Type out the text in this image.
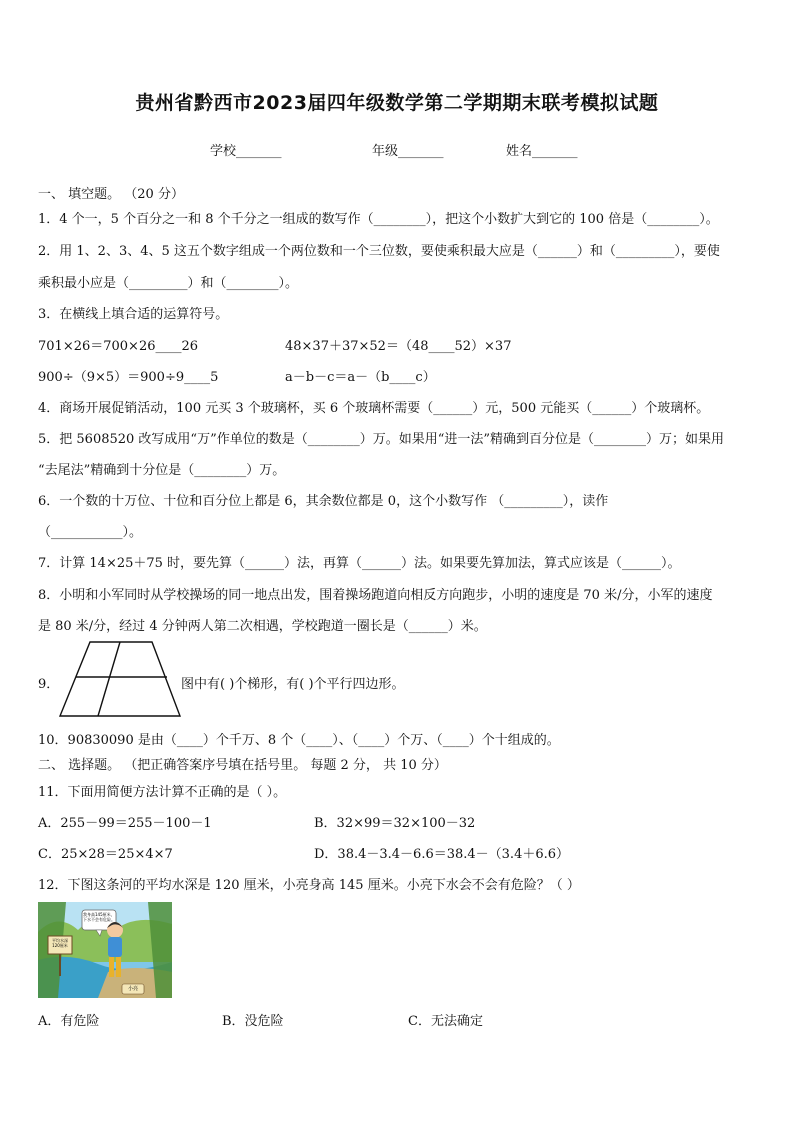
贵州省黔西市2023届四年级数学第二学期期末联考模拟试题
学校_______	年级_______	姓名_______
一、 填空题。 （20 分）
1．4 个一，5 个百分之一和 8 个千分之一组成的数写作（________），把这个小数扩大到它的 100 倍是（________）。
2．用 1、2、3、4、5 这五个数字组成一个两位数和一个三位数，要使乘积最大应是（______）和（_________），要使
乘积最小应是（_________）和（________）。
3．在横线上填合适的运算符号。
701×26＝700×26____26	48×37＋37×52＝（48____52）×37
900÷（9×5）＝900÷9____5	a－b－c＝a－（b____c）
4．商场开展促销活动，100 元买 3 个玻璃杯，买 6 个玻璃杯需要（______）元，500 元能买（______）个玻璃杯。
5．把 5608520 改写成用“万”作单位的数是（________）万。如果用“进一法”精确到百分位是（________）万；如果用
“去尾法”精确到十分位是（________）万。
6．一个数的十万位、十位和百分位上都是 6，其余数位都是 0，这个小数写作 （_________），读作
（___________）。
7．计算 14×25＋75 时，要先算（______）法，再算（______）法。如果要先算加法，算式应该是（______）。
8．小明和小军同时从学校操场的同一地点出发，围着操场跑道向相反方向跑步，小明的速度是 70 米/分，小军的速度
是 80 米/分，经过 4 分钟两人第二次相遇，学校跑道一圈长是（______）米。
9．	图中有( )个梯形，有( )个平行四边形。
10．90830090 是由（____）个千万、8 个（____）、（____）个万、（____）个十组成的。
二、 选择题。 （把正确答案序号填在括号里。 每题 2 分， 共 10 分）
11．下面用简便方法计算不正确的是（ ）。
A．255－99＝255－100－1	B．32×99＝32×100－32
C．25×28＝25×4×7	D．38.4－3.4－6.6＝38.4－（3.4＋6.6）
12．下图这条河的平均水深是 120 厘米，小亮身高 145 厘米。小亮下水会不会有危险？（ ）
我身高145厘米，下水不会有危险。
平均水深120厘米
小亮
A．有危险	B．没危险	C．无法确定
